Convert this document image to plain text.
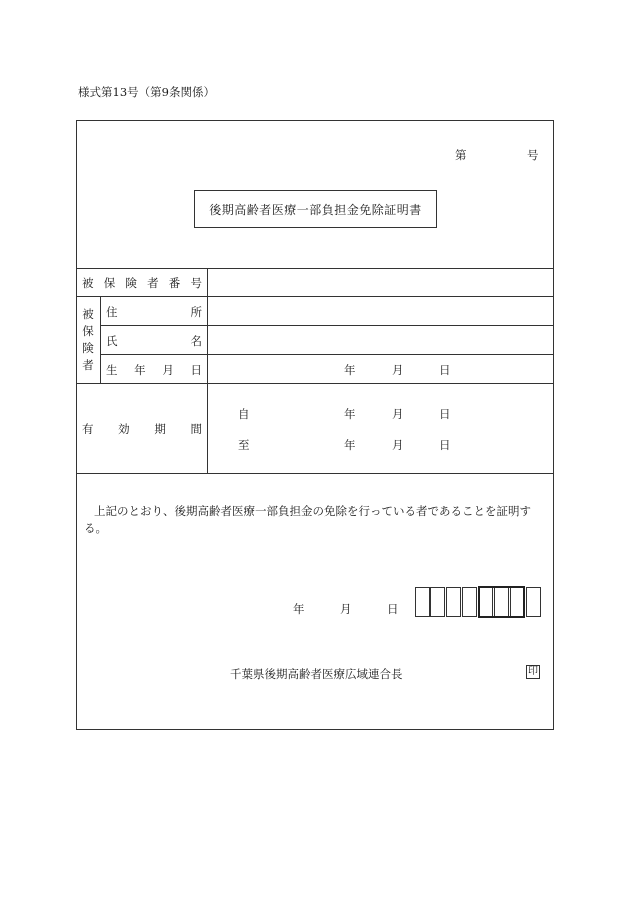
様式第13号（第9条関係）
第	号
後期高齢者医療一部負担金免除証明書
被 保 険 者 番 号
被
保
険
者
住	所
氏	名
生 年 月 日	年	月	日
有 効 期 間
自	年	月	日
至	年	月	日
上記のとおり、後期高齢者医療一部負担金の免除を行っている者であることを証明する。
年	月	日
千葉県後期高齢者医療広域連合長	印
